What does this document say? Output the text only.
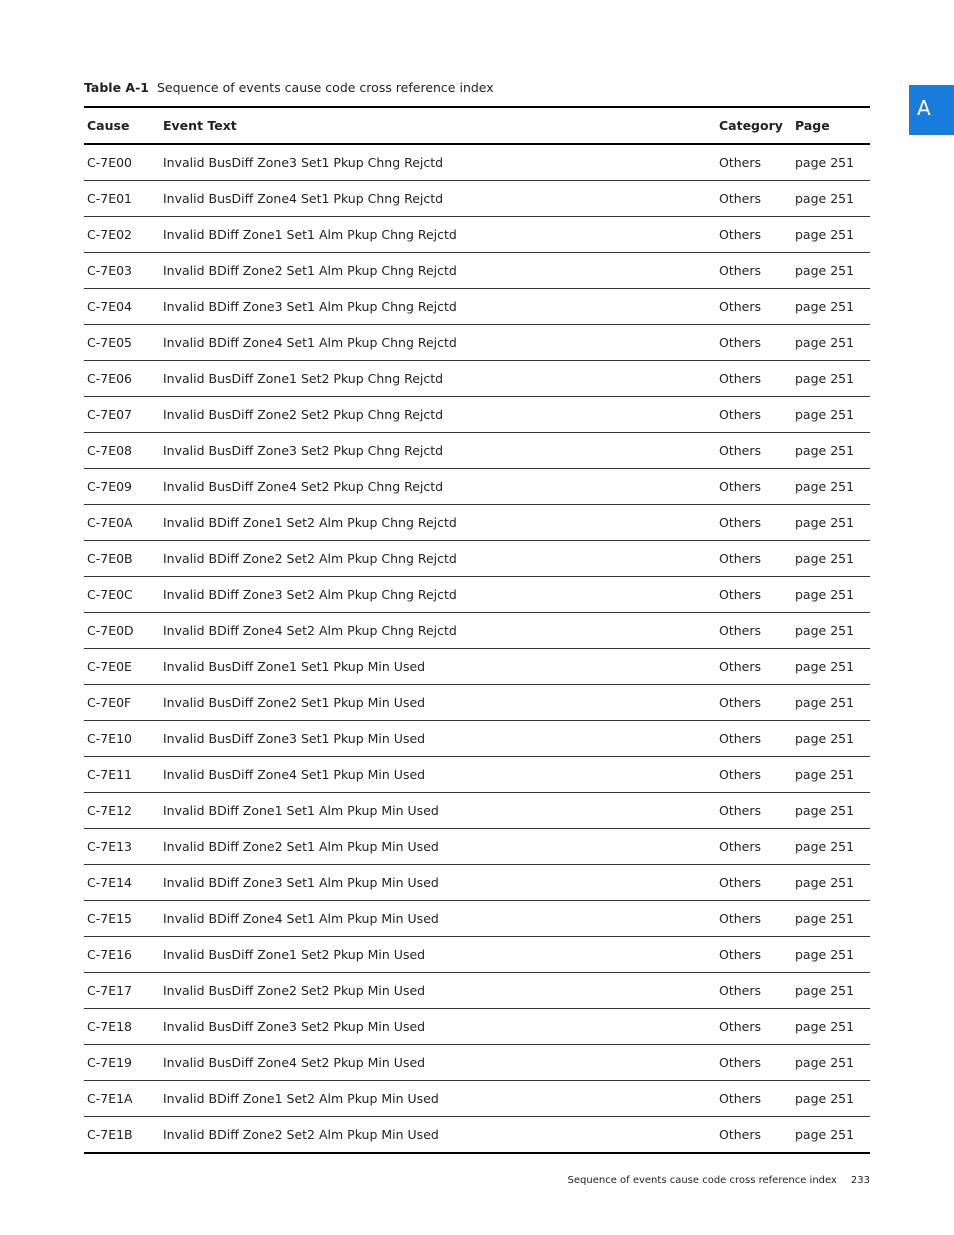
Table A-1 Sequence of events cause code cross reference index
A
Cause	Event Text	Category	Page
C-7E00	Invalid BusDiff Zone3 Set1 Pkup Chng Rejctd	Others	page 251
C-7E01	Invalid BusDiff Zone4 Set1 Pkup Chng Rejctd	Others	page 251
C-7E02	Invalid BDiff Zone1 Set1 Alm Pkup Chng Rejctd	Others	page 251
C-7E03	Invalid BDiff Zone2 Set1 Alm Pkup Chng Rejctd	Others	page 251
C-7E04	Invalid BDiff Zone3 Set1 Alm Pkup Chng Rejctd	Others	page 251
C-7E05	Invalid BDiff Zone4 Set1 Alm Pkup Chng Rejctd	Others	page 251
C-7E06	Invalid BusDiff Zone1 Set2 Pkup Chng Rejctd	Others	page 251
C-7E07	Invalid BusDiff Zone2 Set2 Pkup Chng Rejctd	Others	page 251
C-7E08	Invalid BusDiff Zone3 Set2 Pkup Chng Rejctd	Others	page 251
C-7E09	Invalid BusDiff Zone4 Set2 Pkup Chng Rejctd	Others	page 251
C-7E0A	Invalid BDiff Zone1 Set2 Alm Pkup Chng Rejctd	Others	page 251
C-7E0B	Invalid BDiff Zone2 Set2 Alm Pkup Chng Rejctd	Others	page 251
C-7E0C	Invalid BDiff Zone3 Set2 Alm Pkup Chng Rejctd	Others	page 251
C-7E0D	Invalid BDiff Zone4 Set2 Alm Pkup Chng Rejctd	Others	page 251
C-7E0E	Invalid BusDiff Zone1 Set1 Pkup Min Used	Others	page 251
C-7E0F	Invalid BusDiff Zone2 Set1 Pkup Min Used	Others	page 251
C-7E10	Invalid BusDiff Zone3 Set1 Pkup Min Used	Others	page 251
C-7E11	Invalid BusDiff Zone4 Set1 Pkup Min Used	Others	page 251
C-7E12	Invalid BDiff Zone1 Set1 Alm Pkup Min Used	Others	page 251
C-7E13	Invalid BDiff Zone2 Set1 Alm Pkup Min Used	Others	page 251
C-7E14	Invalid BDiff Zone3 Set1 Alm Pkup Min Used	Others	page 251
C-7E15	Invalid BDiff Zone4 Set1 Alm Pkup Min Used	Others	page 251
C-7E16	Invalid BusDiff Zone1 Set2 Pkup Min Used	Others	page 251
C-7E17	Invalid BusDiff Zone2 Set2 Pkup Min Used	Others	page 251
C-7E18	Invalid BusDiff Zone3 Set2 Pkup Min Used	Others	page 251
C-7E19	Invalid BusDiff Zone4 Set2 Pkup Min Used	Others	page 251
C-7E1A	Invalid BDiff Zone1 Set2 Alm Pkup Min Used	Others	page 251
C-7E1B	Invalid BDiff Zone2 Set2 Alm Pkup Min Used	Others	page 251
Sequence of events cause code cross reference index 233
